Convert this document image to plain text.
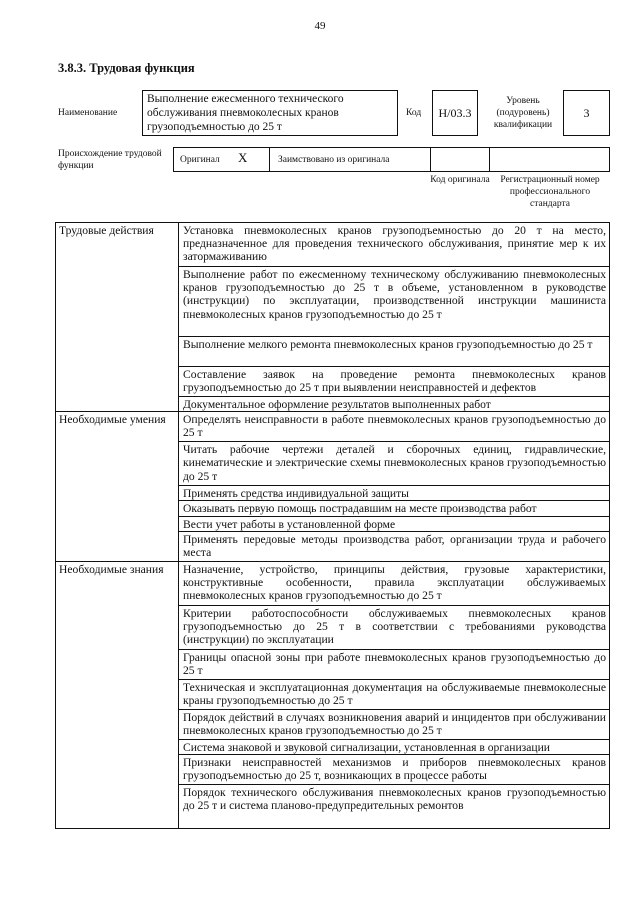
49
3.8.3. Трудовая функция
Наименование
Выполнение ежесменного технического обслуживания пневмоколесных кранов грузоподъемностью до 25 т
Код H/03.3
Уровень (подуровень) квалификации
3
Происхождение трудовой функции
Оригинал X	Заимствовано из оригинала
Код оригинала	Регистрационный номер профессионального стандарта
Трудовые действия	Установка пневмоколесных кранов грузоподъемностью до 20 т на место, предназначенное для проведения технического обслуживания, принятие мер к их затормаживанию
	Выполнение работ по ежесменному техническому обслуживанию пневмоколесных кранов грузоподъемностью до 25 т в объеме, установленном в руководстве (инструкции) по эксплуатации, производственной инструкции машиниста пневмоколесных кранов грузоподъемностью до 25 т
	Выполнение мелкого ремонта пневмоколесных кранов грузоподъемностью до 25 т
	Составление заявок на проведение ремонта пневмоколесных кранов грузоподъемностью до 25 т при выявлении неисправностей и дефектов
	Документальное оформление результатов выполненных работ
Необходимые умения	Определять неисправности в работе пневмоколесных кранов грузоподъемностью до 25 т
	Читать рабочие чертежи деталей и сборочных единиц, гидравлические, кинематические и электрические схемы пневмоколесных кранов грузоподъемностью до 25 т
	Применять средства индивидуальной защиты
	Оказывать первую помощь пострадавшим на месте производства работ
	Вести учет работы в установленной форме
	Применять передовые методы производства работ, организации труда и рабочего места
Необходимые знания	Назначение, устройство, принципы действия, грузовые характеристики, конструктивные особенности, правила эксплуатации обслуживаемых пневмоколесных кранов грузоподъемностью до 25 т
	Критерии работоспособности обслуживаемых пневмоколесных кранов грузоподъемностью до 25 т в соответствии с требованиями руководства (инструкции) по эксплуатации
	Границы опасной зоны при работе пневмоколесных кранов грузоподъемностью до 25 т
	Техническая и эксплуатационная документация на обслуживаемые пневмоколесные краны грузоподъемностью до 25 т
	Порядок действий в случаях возникновения аварий и инцидентов при обслуживании пневмоколесных кранов грузоподъемностью до 25 т
	Система знаковой и звуковой сигнализации, установленная в организации
	Признаки неисправностей механизмов и приборов пневмоколесных кранов грузоподъемностью до 25 т, возникающих в процессе работы
	Порядок технического обслуживания пневмоколесных кранов грузоподъемностью до 25 т и система планово-предупредительных ремонтов
